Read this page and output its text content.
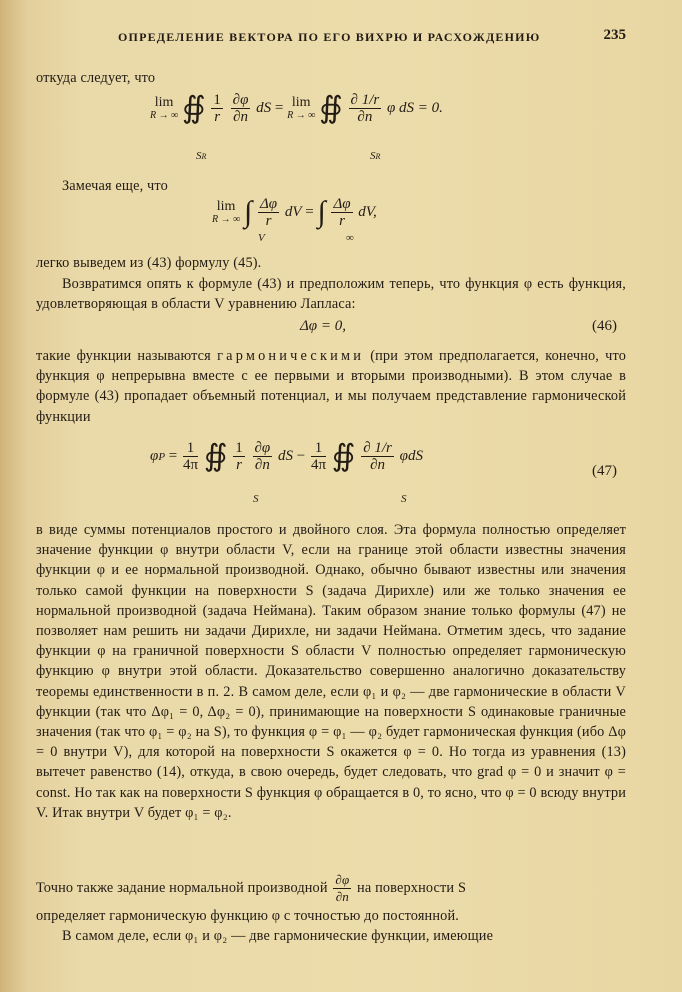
ОПРЕДЕЛЕНИЕ ВЕКТОРА ПО ЕГО ВИХРЮ И РАСХОЖДЕНИЮ	235
откуда следует, что
lim
R → ∞ ∯ $\frac{1}{r}$
$\frac{\partial\varphi}{\partial n}$ dS = lim
R → ∞ ∯ $\frac{\partial 1/r}{\partial n}$ φ dS = 0.
SR	SR
Замечая еще, что
lim
R → ∞ ∫ $\frac{\Delta\varphi}{r}$ dV = ∫ $\frac{\Delta\varphi}{r}$ dV,
V	∞
легко выведем из (43) формулу (45).
Возвратимся опять к формуле (43) и предположим теперь, что функция φ есть функция, удовлетворяющая в области V уравнению Лапласа:
Δφ = 0,	(46)
такие функции называются гармоническими (при этом предполагается, конечно, что функция φ непрерывна вместе с ее первыми и вторыми производными). В этом случае в формуле (43) пропадает объемный потенциал, и мы получаем представление гармонической функции
$\varphi P = \frac{1}{4\pi}$ ∯ $\frac{1}{r}$
$\frac{\partial\varphi}{\partial n}$ dS − $\frac{1}{4\pi}$ ∯ $\frac{\partial 1/r}{\partial n}$ φdS
S	S
(47)
в виде суммы потенциалов простого и двойного слоя. Эта формула полностью определяет значение функции φ внутри области V, если на границе этой области известны значения функции φ и ее нормальной производной. Однако, обычно бывают известны или значения только самой функции на поверхности S (задача Дирихле) или же только значения ее нормальной производной (задача Неймана). Таким образом знание только формулы (47) не позволяет нам решить ни задачи Дирихле, ни задачи Неймана. Отметим здесь, что задание функции φ на граничной поверхности S области V полностью определяет гармоническую функцию φ внутри этой области. Доказательство совершенно аналогично доказательству теоремы единственности в п. 2. В самом деле, если φ₁ и φ₂ — две гармонические в области V функции (так что Δφ₁ = 0, Δφ₂ = 0), принимающие на поверхности S одинаковые граничные значения (так что φ₁ = φ₂ на S), то функция φ = φ₁ — φ₂ будет гармоническая функция (ибо Δφ = 0 внутри V), для которой на поверхности S окажется φ = 0. Но тогда из уравнения (13) вытечет равенство (14), откуда, в свою очередь, будет следовать, что grad φ = 0 и значит φ = const. Но так как на поверхности S функция φ обращается в 0, то ясно, что φ = 0 всюду внутри V. Итак внутри V будет φ₁ = φ₂.
Точно также задание нормальной производной $\frac{\partial\varphi}{\partial n}$ на поверхности S
определяет гармоническую функцию φ с точностью до постоянной.
В самом деле, если φ₁ и φ₂ — две гармонические функции, имеющие
